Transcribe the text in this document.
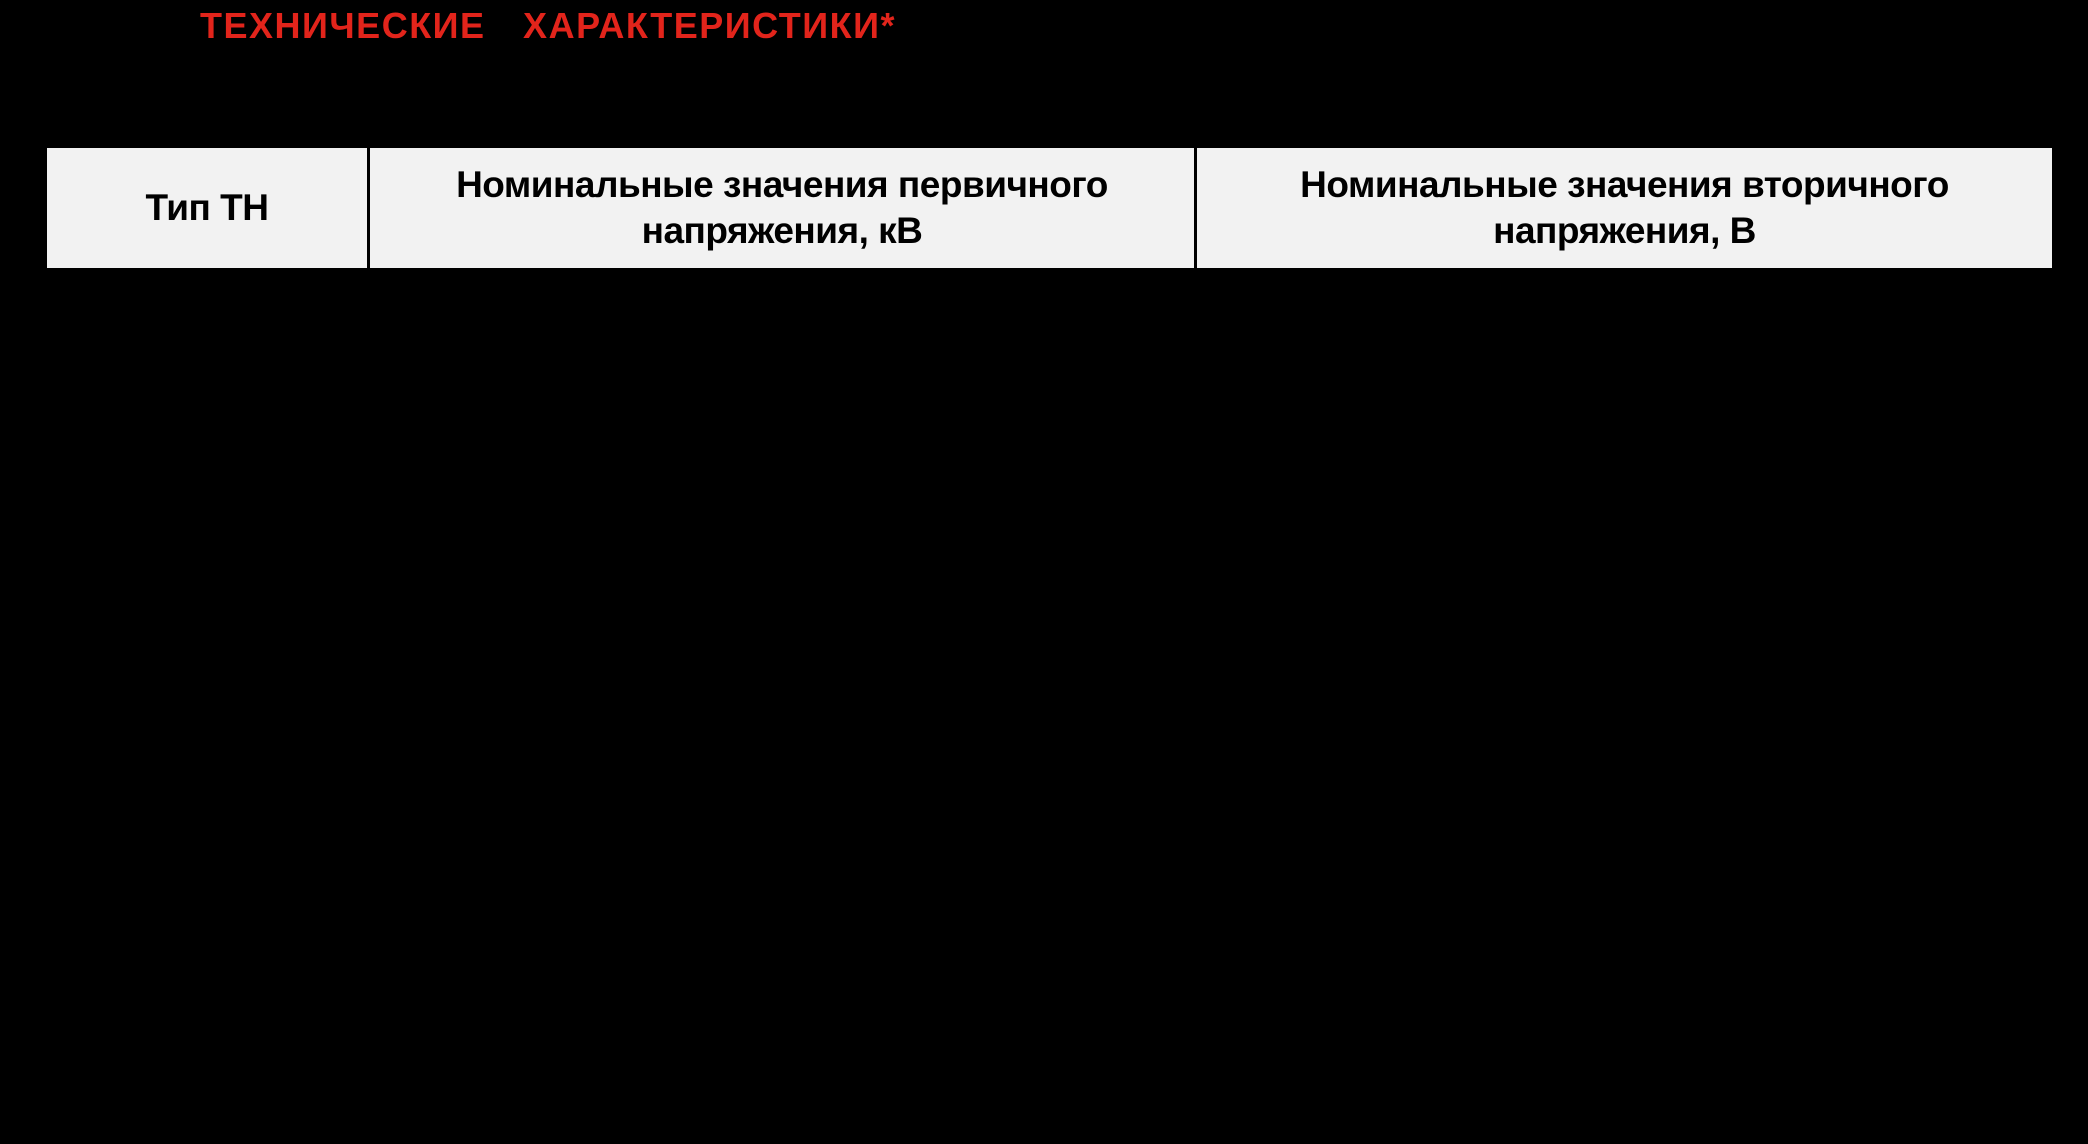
ТЕХНИЧЕСКИЕ ХАРАКТЕРИСТИКИ*
Тип ТН
Номинальные значения первичного
напряжения, кВ
Номинальные значения вторичного
напряжения, В
